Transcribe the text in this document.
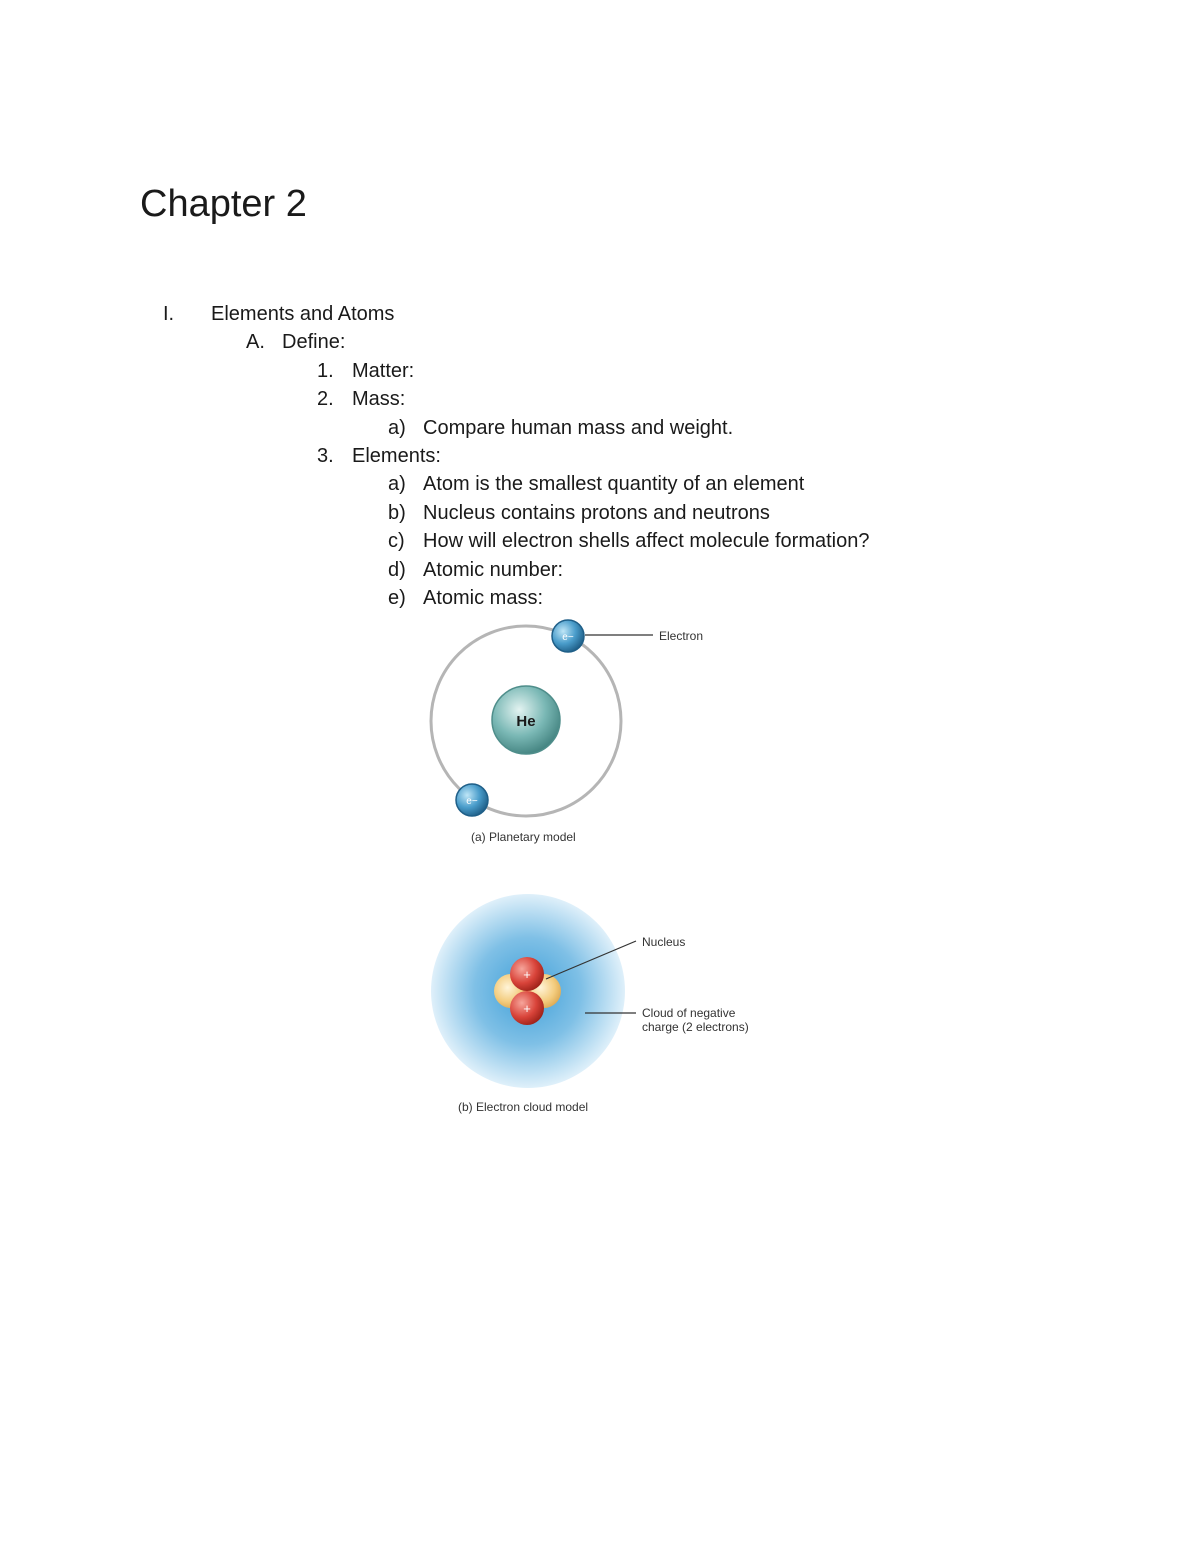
Chapter 2
I. Elements and Atoms
A. Define:
1. Matter:
2. Mass:
a) Compare human mass and weight.
3. Elements:
a) Atom is the smallest quantity of an element
b) Nucleus contains protons and neutrons
c) How will electron shells affect molecule formation?
d) Atomic number:
e) Atomic mass:
He
e−
e−
Electron
(a) Planetary model
+
+
Nucleus
Cloud of negative
charge (2 electrons)
(b) Electron cloud model
